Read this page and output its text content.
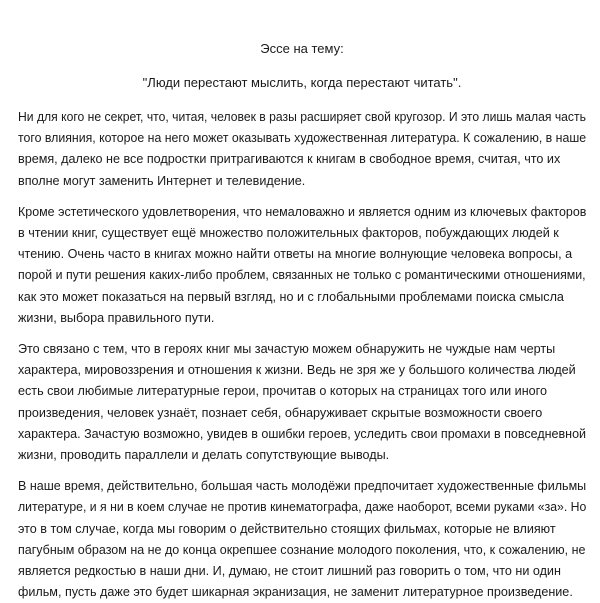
Эссе на тему:

"Люди перестают мыслить, когда перестают читать".

Ни для кого не секрет, что, читая, человек в разы расширяет свой кругозор. И это лишь малая часть
того влияния, которое на него может оказывать художественная литература. К сожалению, в наше
время, далеко не все подростки притрагиваются к книгам в свободное время, считая, что их
вполне могут заменить Интернет и телевидение.

Кроме эстетического удовлетворения, что немаловажно и является одним из ключевых факторов
в чтении книг, существует ещё множество положительных факторов, побуждающих людей к
чтению. Очень часто в книгах можно найти ответы на многие волнующие человека вопросы, а
порой и пути решения каких-либо проблем, связанных не только с романтическими отношениями,
как это может показаться на первый взгляд, но и с глобальными проблемами поиска смысла
жизни, выбора правильного пути.

Это связано с тем, что в героях книг мы зачастую можем обнаружить не чуждые нам черты
характера, мировоззрения и отношения к жизни. Ведь не зря же у большого количества людей
есть свои любимые литературные герои, прочитав о которых на страницах того или иного
произведения, человек узнаёт, познает себя, обнаруживает скрытые возможности своего
характера. Зачастую возможно, увидев в ошибки героев, уследить свои промахи в повседневной
жизни, проводить параллели и делать сопутствующие выводы.

В наше время, действительно, большая часть молодёжи предпочитает художественные фильмы
литературе, и я ни в коем случае не против кинематографа, даже наоборот, всеми руками «за». Но
это в том случае, когда мы говорим о действительно стоящих фильмах, которые не влияют
пагубным образом на не до конца окрепшее сознание молодого поколения, что, к сожалению, не
является редкостью в наши дни. И, думаю, не стоит лишний раз говорить о том, что ни один
фильм, пусть даже это будет шикарная экранизация, не заменит литературное произведение.
